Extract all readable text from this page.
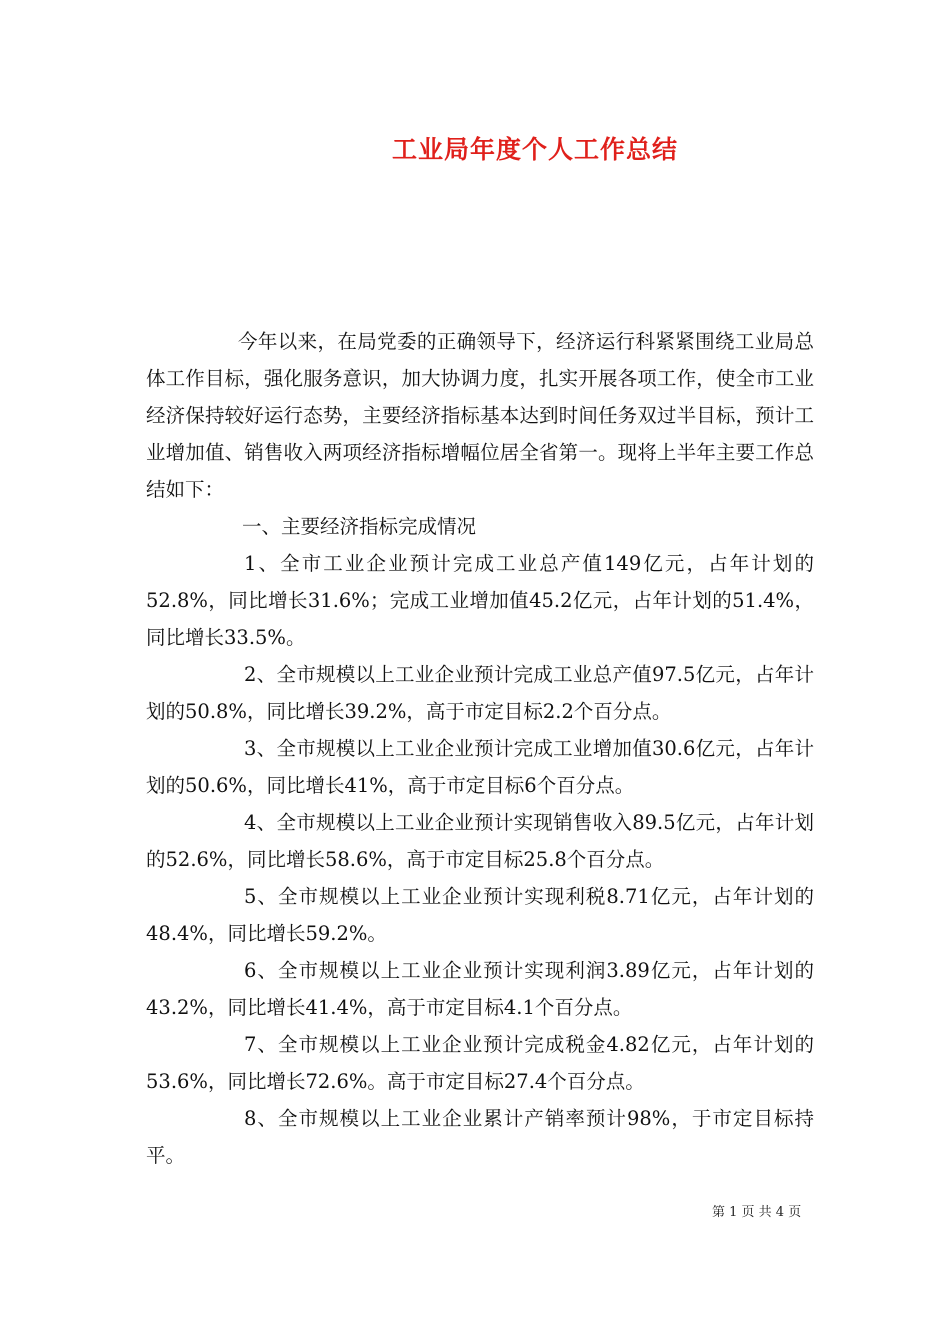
工业局年度个人工作总结

今年以来，在局党委的正确领导下，经济运行科紧紧围绕工业局总体工作目标，强化服务意识，加大协调力度，扎实开展各项工作，使全市工业经济保持较好运行态势，主要经济指标基本达到时间任务双过半目标，预计工业增加值、销售收入两项经济指标增幅位居全省第一。现将上半年主要工作总结如下：

一、主要经济指标完成情况

1、全市工业企业预计完成工业总产值149亿元，占年计划的52.8%，同比增长31.6%；完成工业增加值45.2亿元，占年计划的51.4%，同比增长33.5%。

2、全市规模以上工业企业预计完成工业总产值97.5亿元，占年计划的50.8%，同比增长39.2%，高于市定目标2.2个百分点。

3、全市规模以上工业企业预计完成工业增加值30.6亿元，占年计划的50.6%，同比增长41%，高于市定目标6个百分点。

4、全市规模以上工业企业预计实现销售收入89.5亿元，占年计划的52.6%，同比增长58.6%，高于市定目标25.8个百分点。

5、全市规模以上工业企业预计实现利税8.71亿元，占年计划的48.4%，同比增长59.2%。

6、全市规模以上工业企业预计实现利润3.89亿元，占年计划的43.2%，同比增长41.4%，高于市定目标4.1个百分点。

7、全市规模以上工业企业预计完成税金4.82亿元，占年计划的53.6%，同比增长72.6%。高于市定目标27.4个百分点。

8、全市规模以上工业企业累计产销率预计98%，于市定目标持平。

第 1 页 共 4 页
